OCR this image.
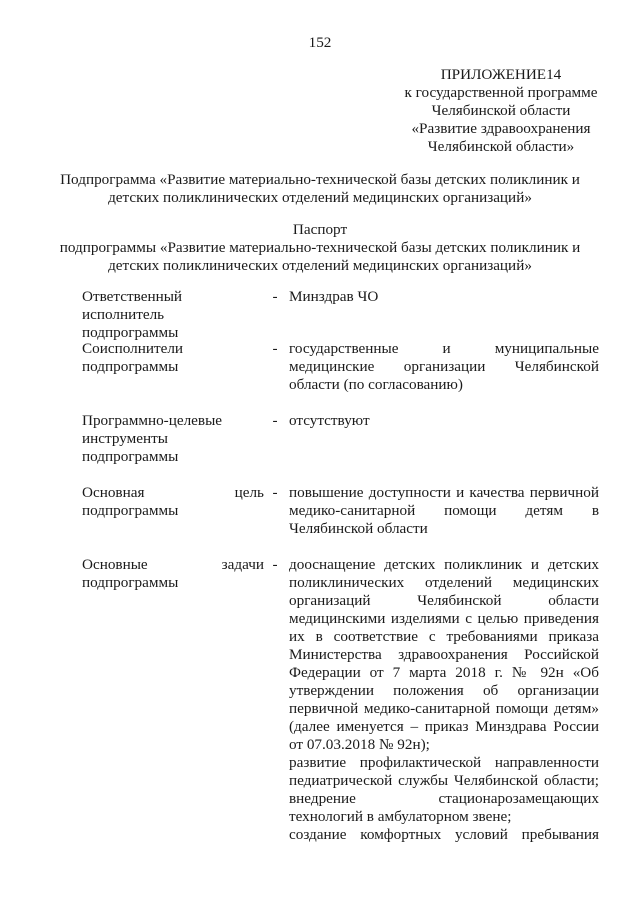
152
ПРИЛОЖЕНИЕ14
к государственной программе
Челябинской области
«Развитие здравоохранения
Челябинской области»
Подпрограмма «Развитие материально-технической базы детских поликлиник и
детских поликлинических отделений медицинских организаций»
Паспорт
подпрограммы «Развитие материально-технической базы детских поликлиник и
детских поликлинических отделений медицинских организаций»
Ответственный исполнитель
подпрограммы
- Минздрав ЧО
Соисполнители
подпрограммы
- государственные и муниципальные
медицинские организации Челябинской
области (по согласованию)
Программно-целевые
инструменты
подпрограммы
- отсутствуют
Основная цель
подпрограммы
- повышение доступности и качества первичной
медико-санитарной помощи детям в
Челябинской области
Основные задачи
подпрограммы
- дооснащение детских поликлиник и детских
поликлинических отделений медицинских
организаций Челябинской области
медицинскими изделиями с целью приведения
их в соответствие с требованиями приказа
Министерства здравоохранения Российской
Федерации от 7 марта 2018 г. № 92н «Об
утверждении положения об организации
первичной медико-санитарной помощи детям»
(далее именуется – приказ Минздрава России
от 07.03.2018 № 92н);
развитие профилактической направленности
педиатрической службы Челябинской области;
внедрение стационарозамещающих
технологий в амбулаторном звене;
создание комфортных условий пребывания
